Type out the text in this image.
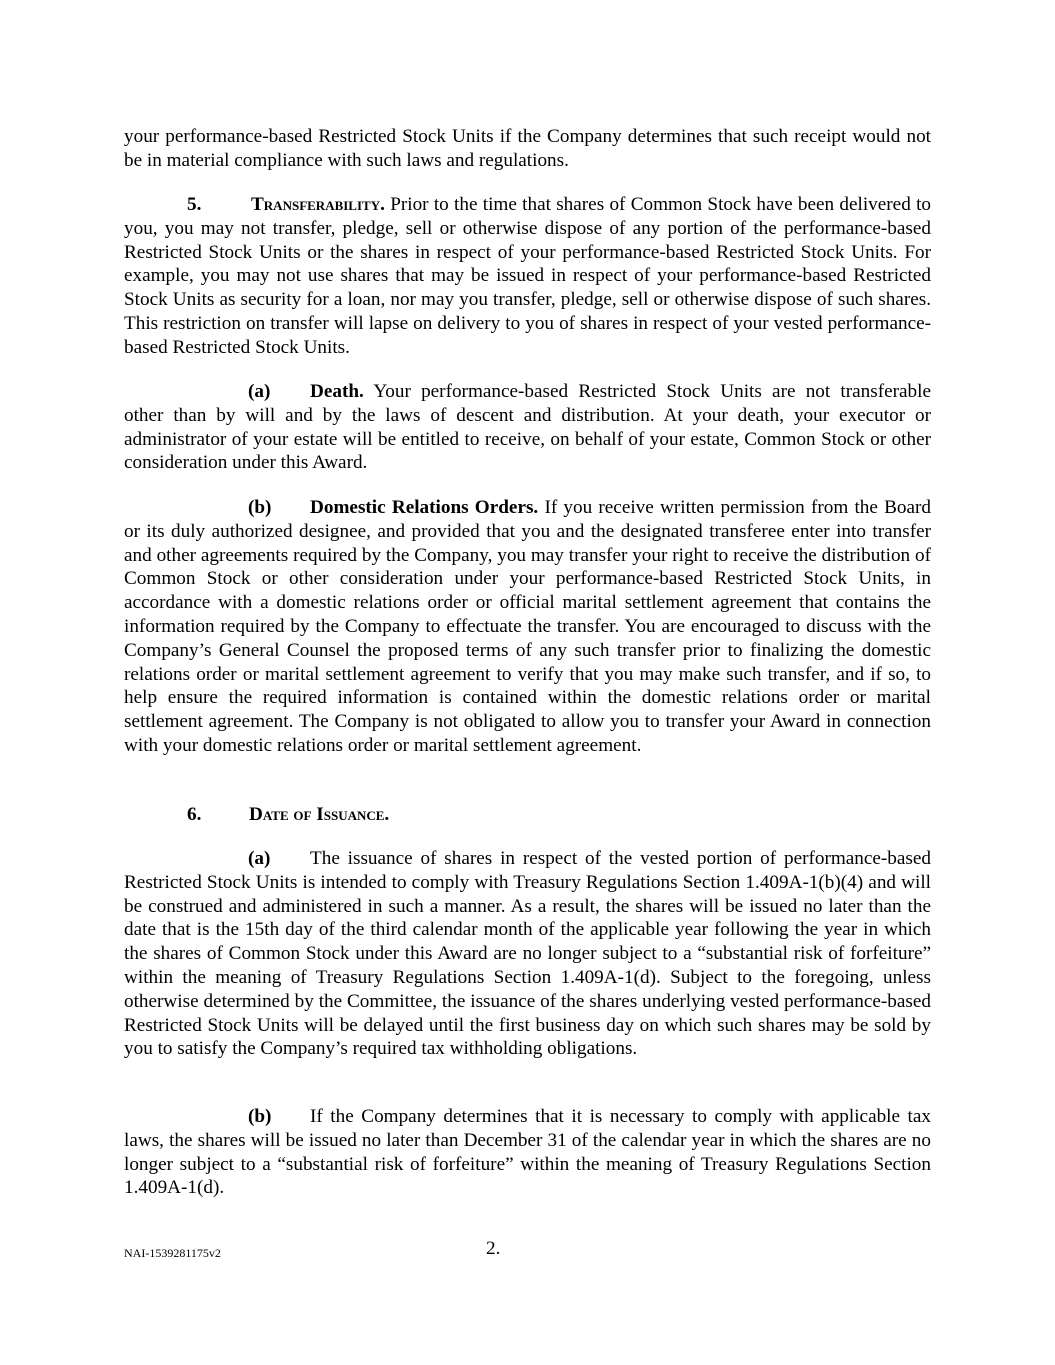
your performance-based Restricted Stock Units if the Company determines that such receipt would not be in material compliance with such laws and regulations.

5.	Transferability. Prior to the time that shares of Common Stock have been delivered to you, you may not transfer, pledge, sell or otherwise dispose of any portion of the performance-based Restricted Stock Units or the shares in respect of your performance-based Restricted Stock Units. For example, you may not use shares that may be issued in respect of your performance-based Restricted Stock Units as security for a loan, nor may you transfer, pledge, sell or otherwise dispose of such shares. This restriction on transfer will lapse on delivery to you of shares in respect of your vested performance-based Restricted Stock Units.

(a) Death. Your performance-based Restricted Stock Units are not transferable other than by will and by the laws of descent and distribution. At your death, your executor or administrator of your estate will be entitled to receive, on behalf of your estate, Common Stock or other consideration under this Award.

(b) Domestic Relations Orders. If you receive written permission from the Board or its duly authorized designee, and provided that you and the designated transferee enter into transfer and other agreements required by the Company, you may transfer your right to receive the distribution of Common Stock or other consideration under your performance-based Restricted Stock Units, in accordance with a domestic relations order or official marital settlement agreement that contains the information required by the Company to effectuate the transfer. You are encouraged to discuss with the Company’s General Counsel the proposed terms of any such transfer prior to finalizing the domestic relations order or marital settlement agreement to verify that you may make such transfer, and if so, to help ensure the required information is contained within the domestic relations order or marital settlement agreement. The Company is not obligated to allow you to transfer your Award in connection with your domestic relations order or marital settlement agreement.

6. Date of Issuance.

(a) The issuance of shares in respect of the vested portion of performance-based Restricted Stock Units is intended to comply with Treasury Regulations Section 1.409A-1(b)(4) and will be construed and administered in such a manner. As a result, the shares will be issued no later than the date that is the 15th day of the third calendar month of the applicable year following the year in which the shares of Common Stock under this Award are no longer subject to a “substantial risk of forfeiture” within the meaning of Treasury Regulations Section 1.409A-1(d). Subject to the foregoing, unless otherwise determined by the Committee, the issuance of the shares underlying vested performance-based Restricted Stock Units will be delayed until the first business day on which such shares may be sold by you to satisfy the Company’s required tax withholding obligations.

(b) If the Company determines that it is necessary to comply with applicable tax laws, the shares will be issued no later than December 31 of the calendar year in which the shares are no longer subject to a “substantial risk of forfeiture” within the meaning of Treasury Regulations Section 1.409A-1(d).

NAI-1539281175v2	2.
